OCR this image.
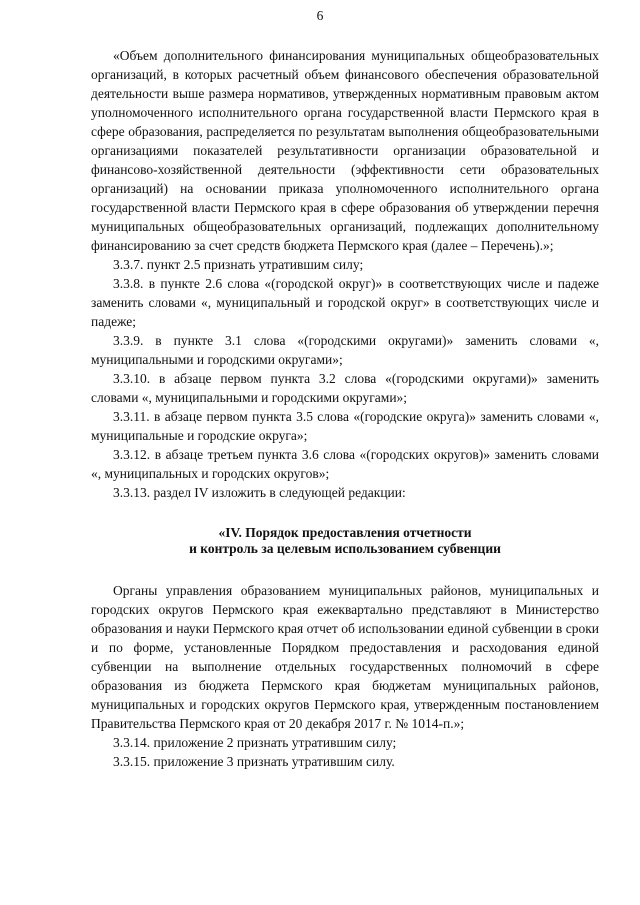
6

«Объем дополнительного финансирования муниципальных общеобразовательных организаций, в которых расчетный объем финансового обеспечения образовательной деятельности выше размера нормативов, утвержденных нормативным правовым актом уполномоченного исполнительного органа государственной власти Пермского края в сфере образования, распределяется по результатам выполнения общеобразовательными организациями показателей результативности организации образовательной и финансово-хозяйственной деятельности (эффективности сети образовательных организаций) на основании приказа уполномоченного исполнительного органа государственной власти Пермского края в сфере образования об утверждении перечня муниципальных общеобразовательных организаций, подлежащих дополнительному финансированию за счет средств бюджета Пермского края (далее – Перечень).»;

3.3.7. пункт 2.5 признать утратившим силу;

3.3.8. в пункте 2.6 слова «(городской округ)» в соответствующих числе и падеже заменить словами «, муниципальный и городской округ» в соответствующих числе и падеже;

3.3.9. в пункте 3.1 слова «(городскими округами)» заменить словами «, муниципальными и городскими округами»;

3.3.10. в абзаце первом пункта 3.2 слова «(городскими округами)» заменить словами «, муниципальными и городскими округами»;

3.3.11. в абзаце первом пункта 3.5 слова «(городские округа)» заменить словами «, муниципальные и городские округа»;

3.3.12. в абзаце третьем пункта 3.6 слова «(городских округов)» заменить словами «, муниципальных и городских округов»;

3.3.13. раздел IV изложить в следующей редакции:

«IV. Порядок предоставления отчетности
и контроль за целевым использованием субвенции

Органы управления образованием муниципальных районов, муниципальных и городских округов Пермского края ежеквартально представляют в Министерство образования и науки Пермского края отчет об использовании единой субвенции в сроки и по форме, установленные Порядком предоставления и расходования единой субвенции на выполнение отдельных государственных полномочий в сфере образования из бюджета Пермского края бюджетам муниципальных районов, муниципальных и городских округов Пермского края, утвержденным постановлением Правительства Пермского края от 20 декабря 2017 г. № 1014-п.»;

3.3.14. приложение 2 признать утратившим силу;

3.3.15. приложение 3 признать утратившим силу.
